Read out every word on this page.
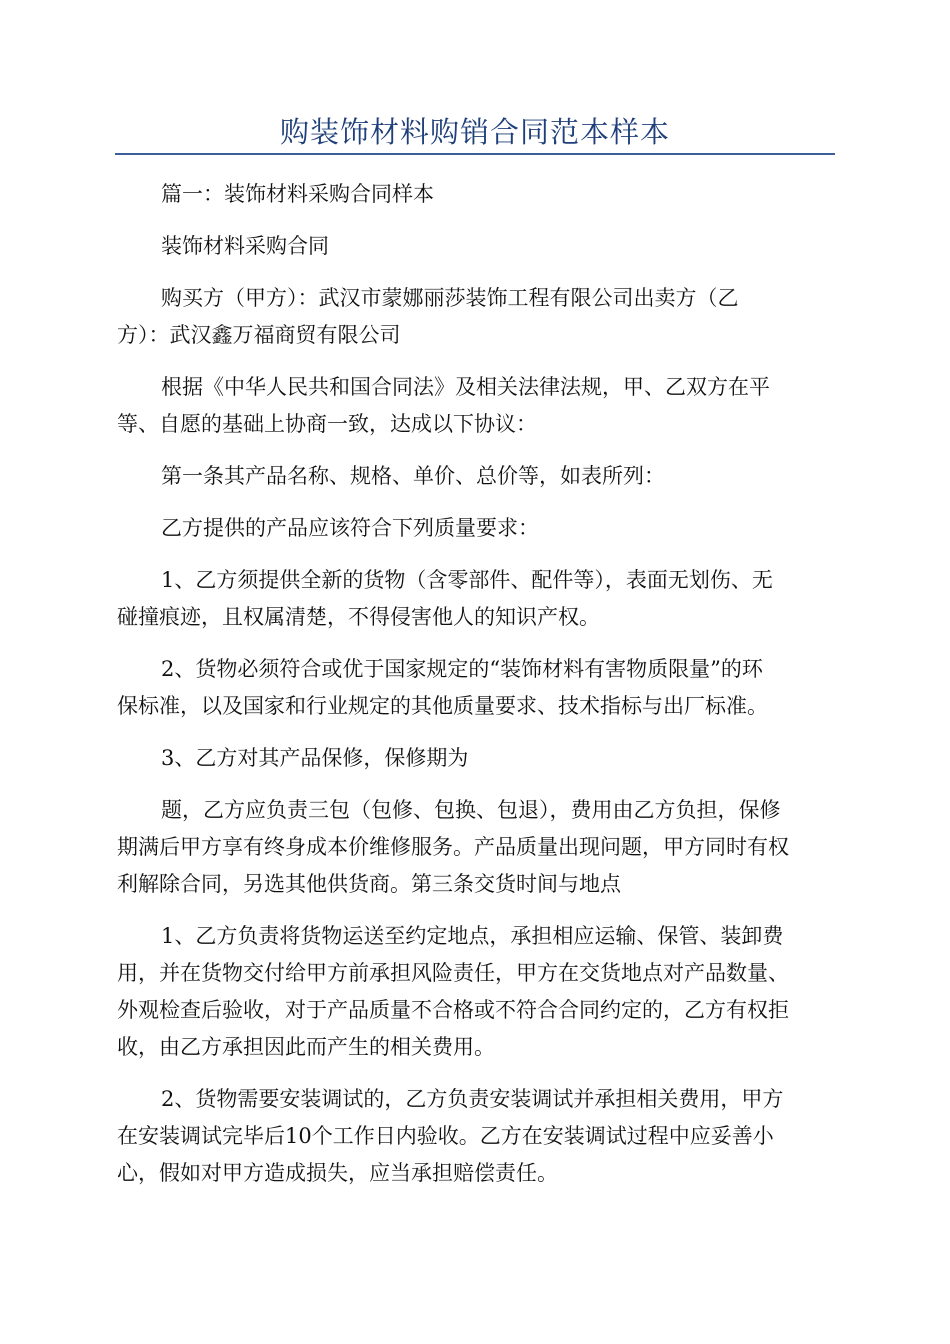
购装饰材料购销合同范本样本

篇一：装饰材料采购合同样本

装饰材料采购合同

购买方（甲方）：武汉市蒙娜丽莎装饰工程有限公司出卖方（乙
方）：武汉鑫万福商贸有限公司

根据《中华人民共和国合同法》及相关法律法规，甲、乙双方在平
等、自愿的基础上协商一致，达成以下协议：

第一条其产品名称、规格、单价、总价等，如表所列：

乙方提供的产品应该符合下列质量要求：

1、乙方须提供全新的货物（含零部件、配件等），表面无划伤、无
碰撞痕迹，且权属清楚，不得侵害他人的知识产权。

2、货物必须符合或优于国家规定的“装饰材料有害物质限量”的环
保标准，以及国家和行业规定的其他质量要求、技术指标与出厂标准。

3、乙方对其产品保修，保修期为

题，乙方应负责三包（包修、包换、包退），费用由乙方负担，保修
期满后甲方享有终身成本价维修服务。产品质量出现问题，甲方同时有权
利解除合同，另选其他供货商。第三条交货时间与地点

1、乙方负责将货物运送至约定地点，承担相应运输、保管、装卸费
用，并在货物交付给甲方前承担风险责任，甲方在交货地点对产品数量、
外观检查后验收，对于产品质量不合格或不符合合同约定的，乙方有权拒
收，由乙方承担因此而产生的相关费用。

2、货物需要安装调试的，乙方负责安装调试并承担相关费用，甲方
在安装调试完毕后10个工作日内验收。乙方在安装调试过程中应妥善小
心，假如对甲方造成损失，应当承担赔偿责任。
